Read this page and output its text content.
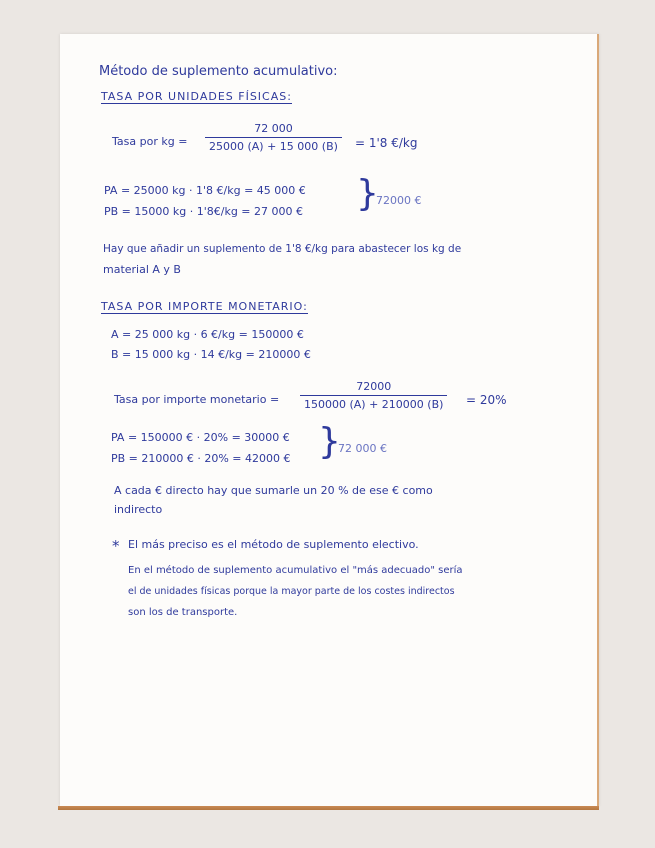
Método de suplemento acumulativo:
TASA POR UNIDADES FÍSICAS:
Tasa por kg =
72 000
25000 (A) + 15 000 (B)	= 1'8 €/kg
PA = 25000 kg · 1'8 €/kg = 45 000 €
PB = 15000 kg · 1'8€/kg = 27 000 € }
72000 €
Hay que añadir un suplemento de 1'8 €/kg para abastecer los kg de
material A y B
TASA POR IMPORTE MONETARIO:
A = 25 000 kg · 6 €/kg = 150000 €
B = 15 000 kg · 14 €/kg = 210000 €
Tasa por importe monetario =
72000
150000 (A) + 210000 (B)	= 20%
PA = 150000 € · 20% = 30000 €
PB = 210000 € · 20% = 42000 € }
72 000 €
A cada € directo hay que sumarle un 20 % de ese € como
indirecto
* El más preciso es el método de suplemento electivo.
En el método de suplemento acumulativo el "más adecuado" sería
el de unidades físicas porque la mayor parte de los costes indirectos
son los de transporte.
